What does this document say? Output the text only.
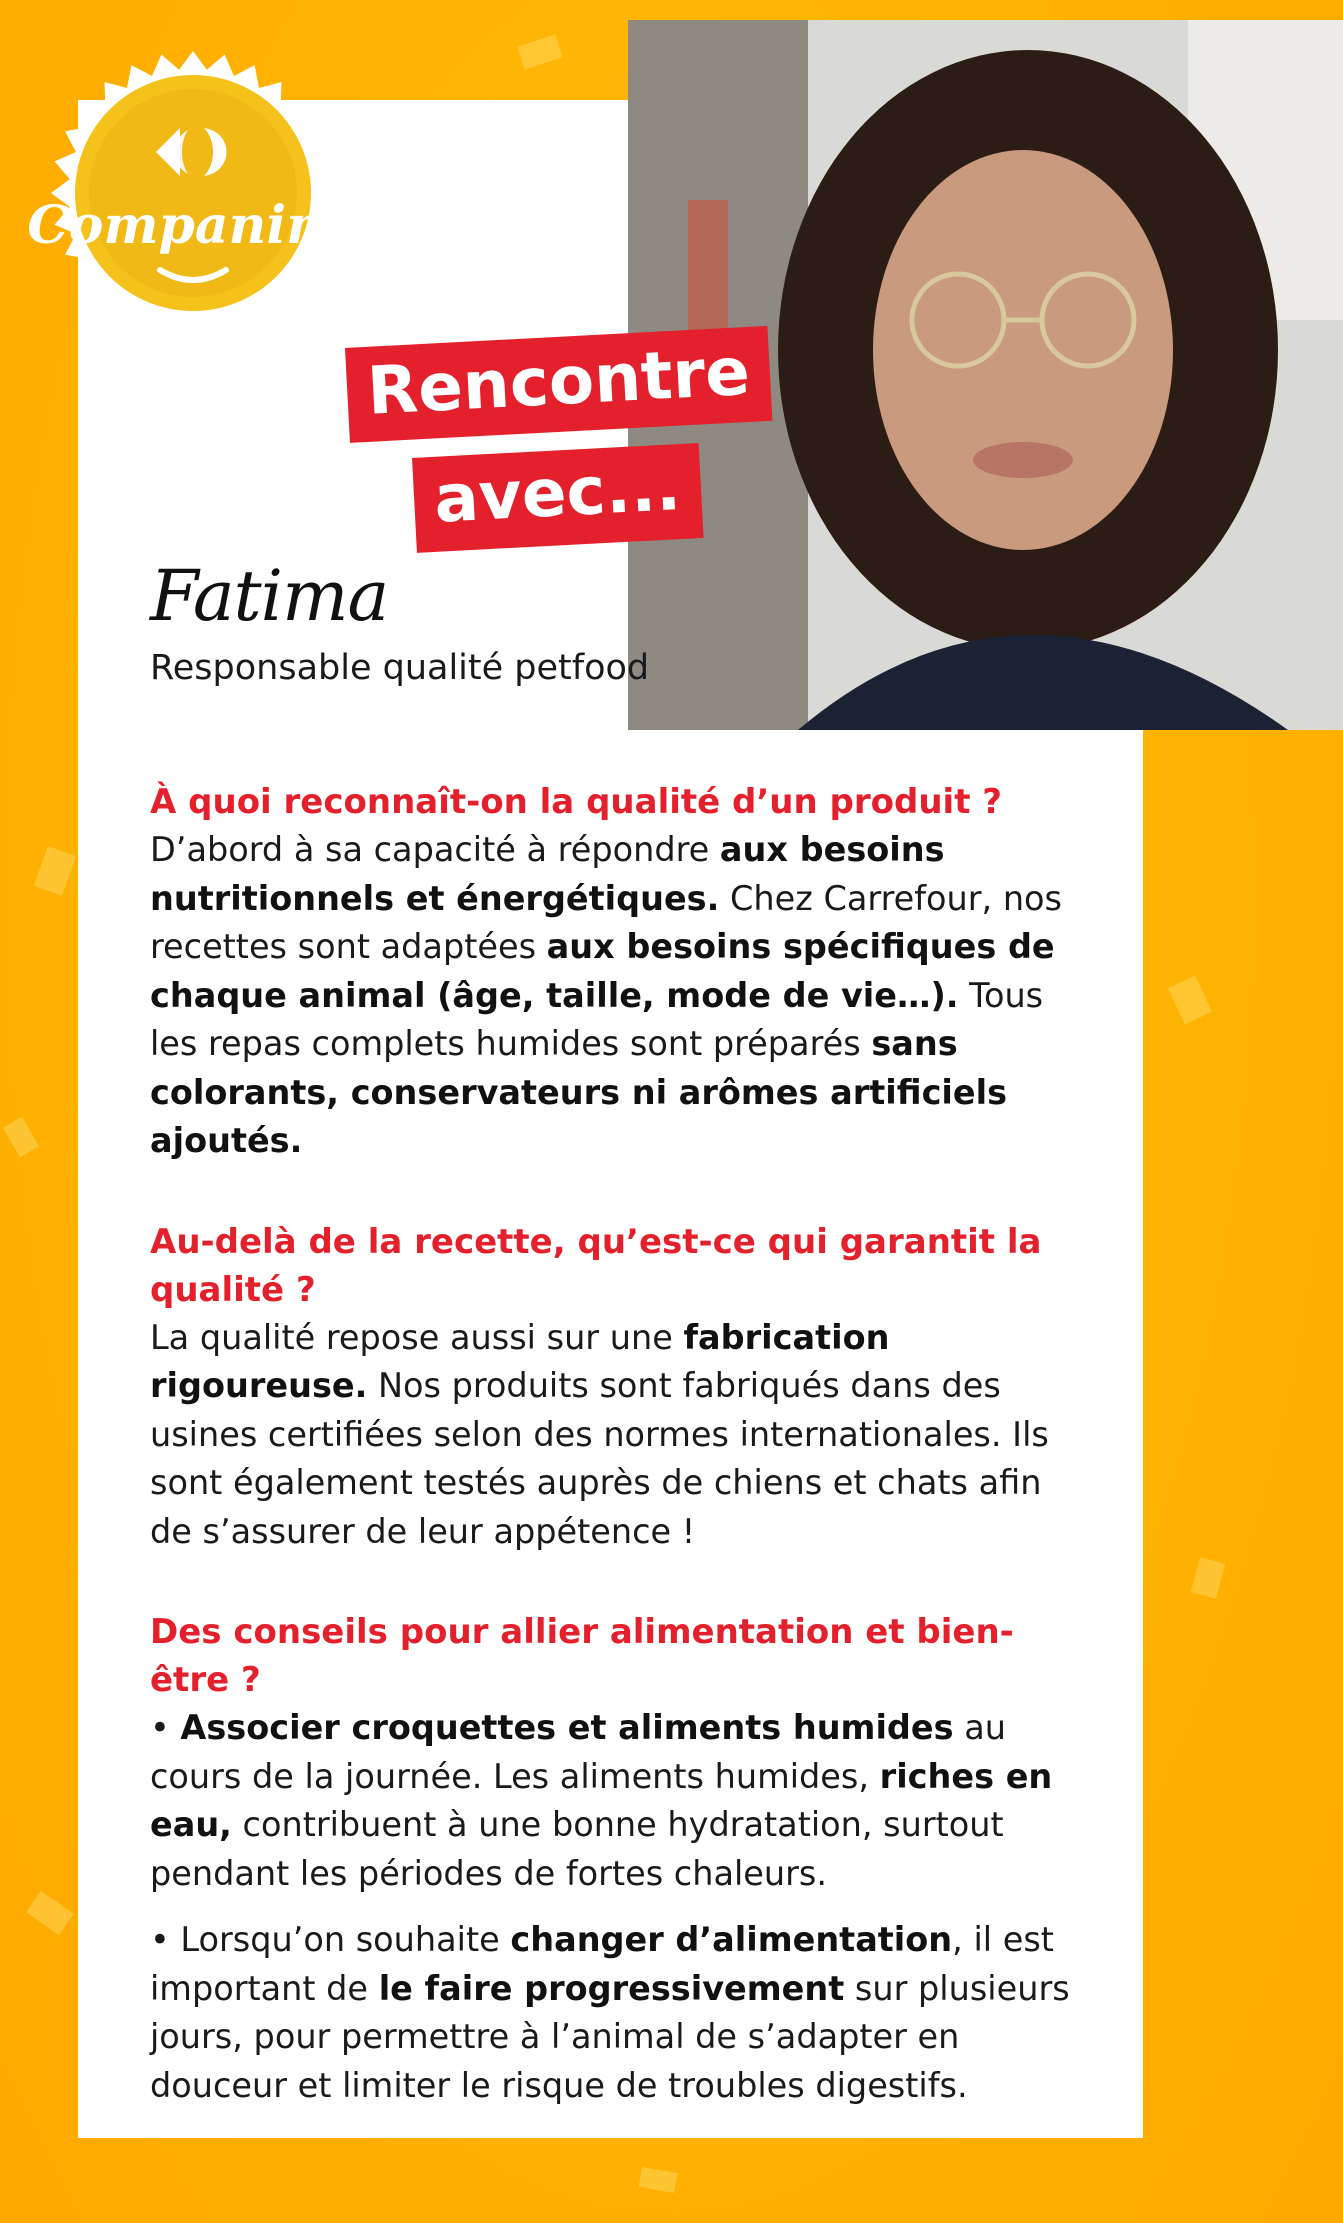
Companino
Rencontre
avec...
Fatima
Responsable qualité petfood

À quoi reconnaît-on la qualité d’un produit ?

D’abord à sa capacité à répondre aux besoins nutritionnels et énergétiques. Chez Carrefour, nos recettes sont adaptées aux besoins spécifiques de chaque animal (âge, taille, mode de vie…). Tous les repas complets humides sont préparés sans colorants, conservateurs ni arômes artificiels ajoutés.

Au-delà de la recette, qu’est-ce qui garantit la qualité ?

La qualité repose aussi sur une fabrication rigoureuse. Nos produits sont fabriqués dans des usines certifiées selon des normes internationales. Ils sont également testés auprès de chiens et chats afin de s’assurer de leur appétence !

Des conseils pour allier alimentation et bien-être ?

• Associer croquettes et aliments humides au cours de la journée. Les aliments humides, riches en eau, contribuent à une bonne hydratation, surtout pendant les périodes de fortes chaleurs.

• Lorsqu’on souhaite changer d’alimentation, il est important de le faire progressivement sur plusieurs jours, pour permettre à l’animal de s’adapter en douceur et limiter le risque de troubles digestifs.
